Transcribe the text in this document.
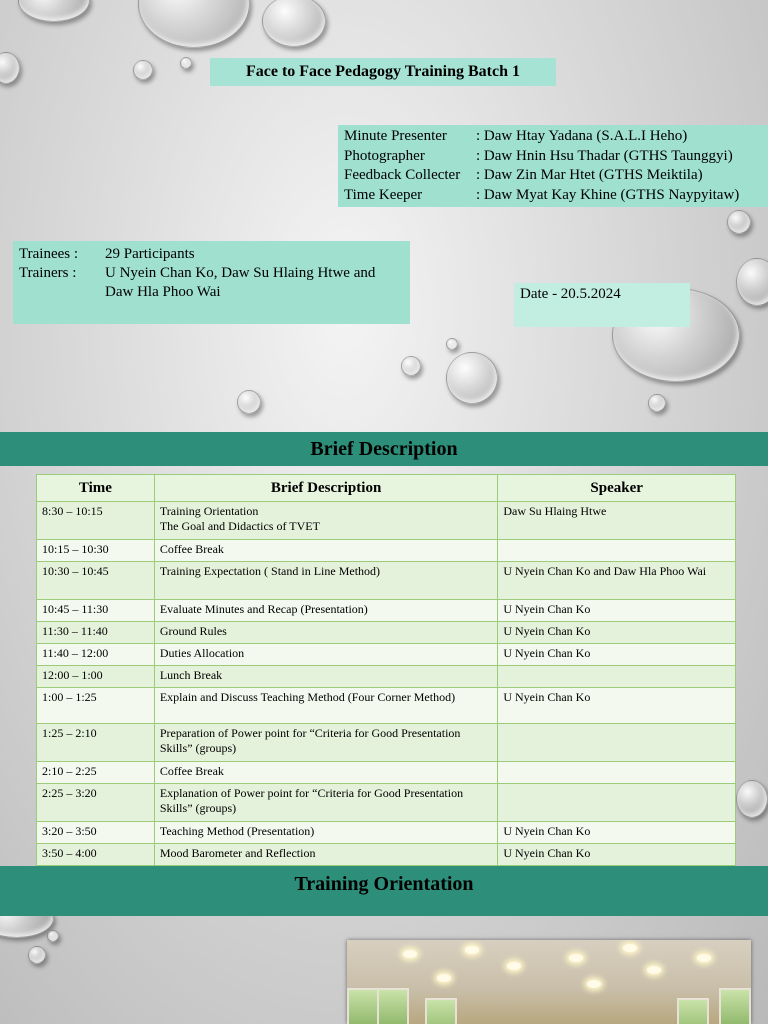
Face to Face Pedagogy Training Batch 1
Minute Presenter	: Daw Htay Yadana (S.A.L.I Heho)
Photographer	: Daw Hnin Hsu Thadar (GTHS Taunggyi)
Feedback Collecter	: Daw Zin Mar Htet (GTHS Meiktila)
Time Keeper	: Daw Myat Kay Khine (GTHS Naypyitaw)
Trainees :	29 Participants
Trainers :	U Nyein Chan Ko, Daw Su Hlaing Htwe and
Daw Hla Phoo Wai	Date - 20.5.2024
Brief Description
Time	Brief Description	Speaker
8:30 – 10:15	Training Orientation
The Goal and Didactics of TVET	Daw Su Hlaing Htwe
10:15 – 10:30	Coffee Break	

10:30 – 10:45	Training Expectation ( Stand in Line Method)	U Nyein Chan Ko and Daw Hla Phoo Wai
10:45 – 11:30	Evaluate Minutes and Recap (Presentation)	U Nyein Chan Ko
11:30 – 11:40	Ground Rules	U Nyein Chan Ko
11:40 – 12:00	Duties Allocation	U Nyein Chan Ko
12:00 – 1:00	Lunch Break	

1:00 – 1:25	Explain and Discuss Teaching Method (Four Corner Method)	U Nyein Chan Ko
1:25 – 2:10	Preparation of Power point for “Criteria for Good Presentation
Skills” (groups)	

2:10 – 2:25	Coffee Break	

2:25 – 3:20	Explanation of Power point for “Criteria for Good Presentation
Skills” (groups)	

3:20 – 3:50	Teaching Method (Presentation)	U Nyein Chan Ko
3:50 – 4:00	Mood Barometer and Reflection	U Nyein Chan Ko
Training Orientation
